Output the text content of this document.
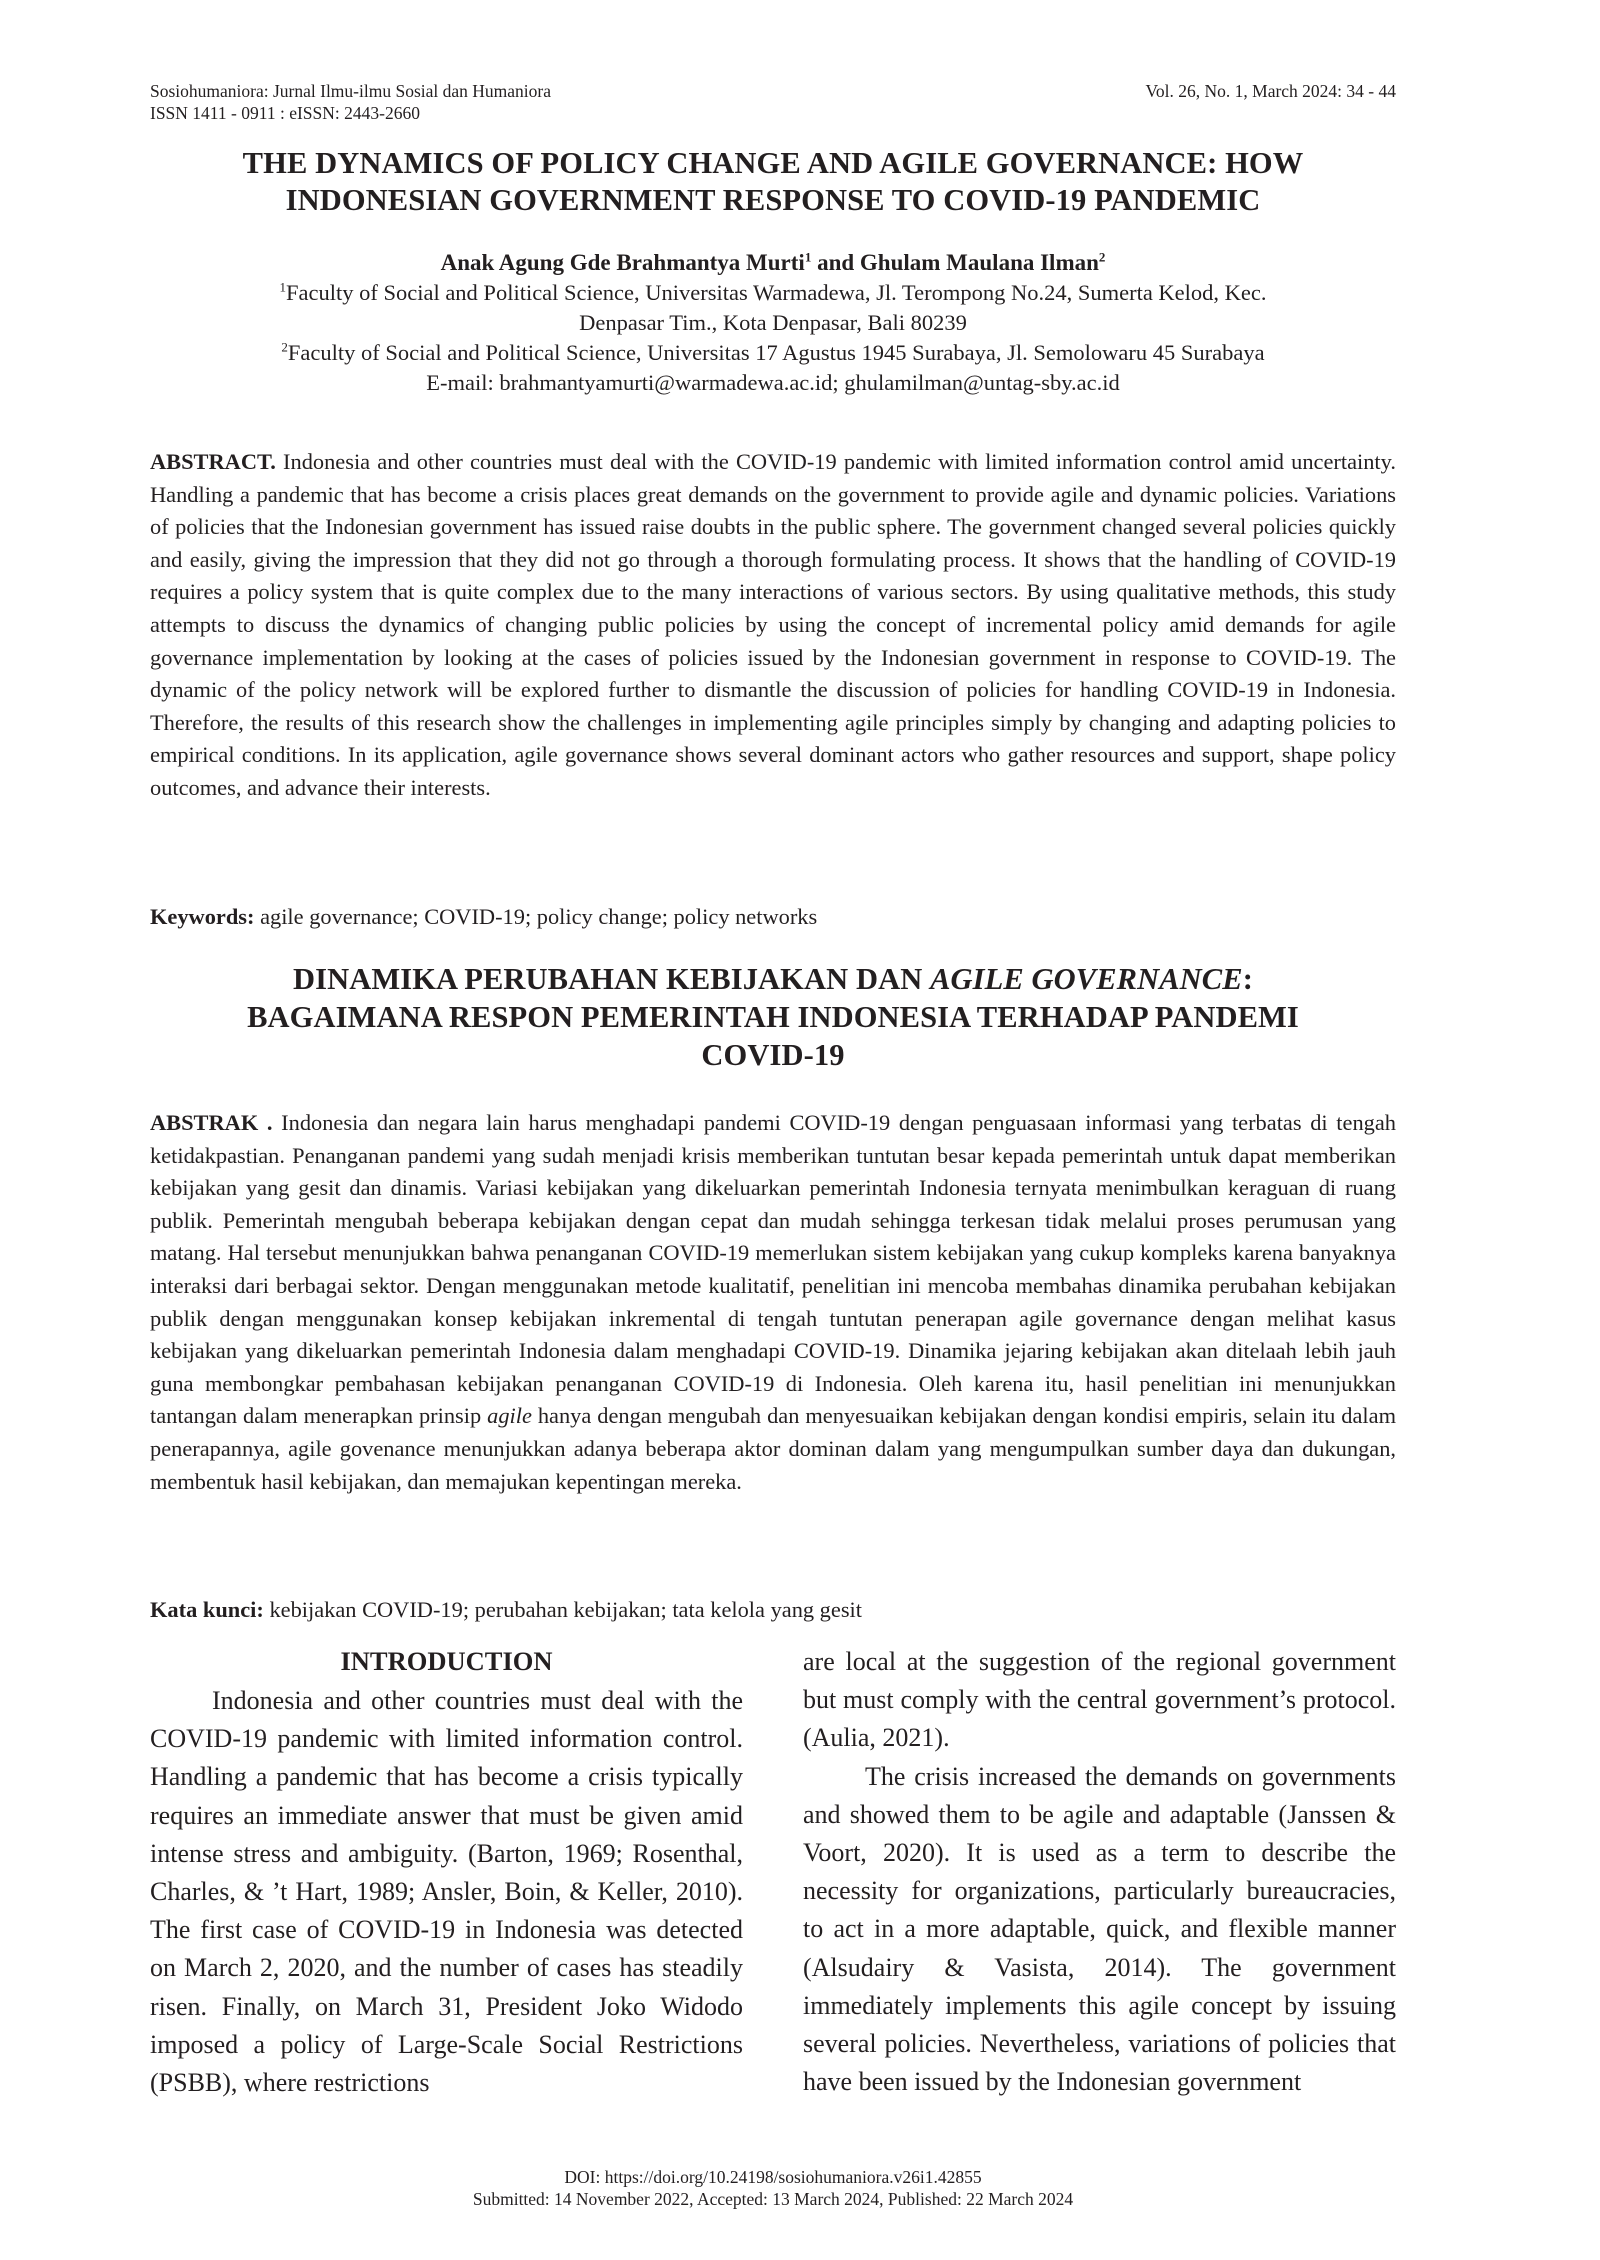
Sosiohumaniora: Jurnal Ilmu-ilmu Sosial dan Humaniora
ISSN 1411 - 0911 : eISSN: 2443-2660
Vol. 26, No. 1, March 2024: 34 - 44
THE DYNAMICS OF POLICY CHANGE AND AGILE GOVERNANCE: HOW
INDONESIAN GOVERNMENT RESPONSE TO COVID-19 PANDEMIC
Anak Agung Gde Brahmantya Murti$^1$ and Ghulam Maulana Ilman$^2$
$^1$Faculty of Social and Political Science, Universitas Warmadewa, Jl. Terompong No.24, Sumerta Kelod, Kec.
Denpasar Tim., Kota Denpasar, Bali 80239
$^2$Faculty of Social and Political Science, Universitas 17 Agustus 1945 Surabaya, Jl. Semolowaru 45 Surabaya
E-mail: brahmantyamurti@warmadewa.ac.id; ghulamilman@untag-sby.ac.id
ABSTRACT. Indonesia and other countries must deal with the COVID-19 pandemic with limited information control amid uncertainty. Handling a pandemic that has become a crisis places great demands on the government to provide agile and dynamic policies. Variations of policies that the Indonesian government has issued raise doubts in the public sphere. The government changed several policies quickly and easily, giving the impression that they did not go through a thorough formulating process. It shows that the handling of COVID-19 requires a policy system that is quite complex due to the many interactions of various sectors. By using qualitative methods, this study attempts to discuss the dynamics of changing public policies by using the concept of incremental policy amid demands for agile governance implementation by looking at the cases of policies issued by the Indonesian government in response to COVID-19. The dynamic of the policy network will be explored further to dismantle the discussion of policies for handling COVID-19 in Indonesia. Therefore, the results of this research show the challenges in implementing agile principles simply by changing and adapting policies to empirical conditions. In its application, agile governance shows several dominant actors who gather resources and support, shape policy outcomes, and advance their interests.
Keywords: agile governance; COVID-19; policy change; policy networks
DINAMIKA PERUBAHAN KEBIJAKAN DAN AGILE GOVERNANCE:
BAGAIMANA RESPON PEMERINTAH INDONESIA TERHADAP PANDEMI
COVID-19
ABSTRAK . Indonesia dan negara lain harus menghadapi pandemi COVID-19 dengan penguasaan informasi yang terbatas di tengah ketidakpastian. Penanganan pandemi yang sudah menjadi krisis memberikan tuntutan besar kepada pemerintah untuk dapat memberikan kebijakan yang gesit dan dinamis. Variasi kebijakan yang dikeluarkan pemerintah Indonesia ternyata menimbulkan keraguan di ruang publik. Pemerintah mengubah beberapa kebijakan dengan cepat dan mudah sehingga terkesan tidak melalui proses perumusan yang matang. Hal tersebut menunjukkan bahwa penanganan COVID-19 memerlukan sistem kebijakan yang cukup kompleks karena banyaknya interaksi dari berbagai sektor. Dengan menggunakan metode kualitatif, penelitian ini mencoba membahas dinamika perubahan kebijakan publik dengan menggunakan konsep kebijakan inkremental di tengah tuntutan penerapan agile governance dengan melihat kasus kebijakan yang dikeluarkan pemerintah Indonesia dalam menghadapi COVID-19. Dinamika jejaring kebijakan akan ditelaah lebih jauh guna membongkar pembahasan kebijakan penanganan COVID-19 di Indonesia. Oleh karena itu, hasil penelitian ini menunjukkan tantangan dalam menerapkan prinsip agile hanya dengan mengubah dan menyesuaikan kebijakan dengan kondisi empiris, selain itu dalam penerapannya, agile govenance menunjukkan adanya beberapa aktor dominan dalam yang mengumpulkan sumber daya dan dukungan, membentuk hasil kebijakan, dan memajukan kepentingan mereka.
Kata kunci: kebijakan COVID-19; perubahan kebijakan; tata kelola yang gesit

INTRODUCTION

Indonesia and other countries must deal with the COVID-19 pandemic with limited information control. Handling a pandemic that has become a crisis typically requires an immediate answer that must be given amid intense stress and ambiguity. (Barton, 1969; Rosenthal, Charles, & ’t Hart, 1989; Ansler, Boin, & Keller, 2010). The first case of COVID-19 in Indonesia was detected on March 2, 2020, and the number of cases has steadily risen. Finally, on March 31, President Joko Widodo imposed a policy of Large-Scale Social Restrictions (PSBB), where restrictions

are local at the suggestion of the regional government but must comply with the central government’s protocol. (Aulia, 2021).

The crisis increased the demands on governments and showed them to be agile and adaptable (Janssen & Voort, 2020). It is used as a term to describe the necessity for organizations, particularly bureaucracies, to act in a more adaptable, quick, and flexible manner (Alsudairy & Vasista, 2014). The government immediately implements this agile concept by issuing several policies. Nevertheless, variations of policies that have been issued by the Indonesian government

DOI: https://doi.org/10.24198/sosiohumaniora.v26i1.42855
Submitted: 14 November 2022, Accepted: 13 March 2024, Published: 22 March 2024
